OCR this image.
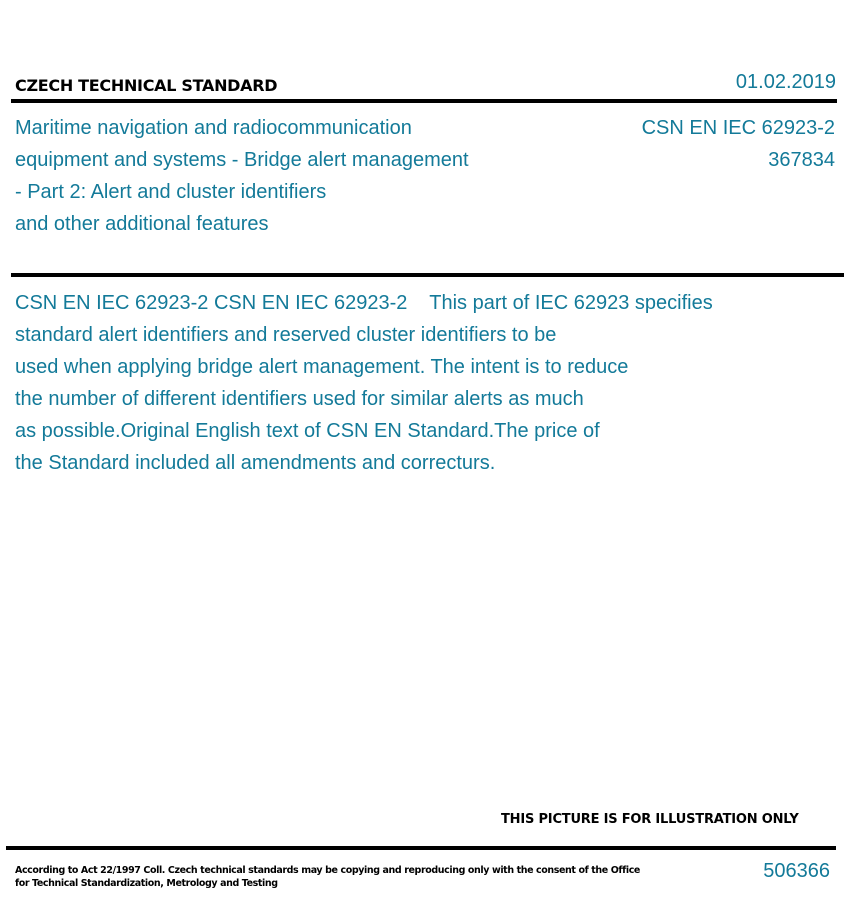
CZECH TECHNICAL STANDARD	01.02.2019
Maritime navigation and radiocommunication
equipment and systems - Bridge alert management
- Part 2: Alert and cluster identifiers
and other additional features
CSN EN IEC 62923-2
367834
CSN EN IEC 62923-2 CSN EN IEC 62923-2    This part of IEC 62923 specifies
standard alert identifiers and reserved cluster identifiers to be
used when applying bridge alert management. The intent is to reduce
the number of different identifiers used for similar alerts as much
as possible.Original English text of CSN EN Standard.The price of
the Standard included all amendments and correcturs.
THIS PICTURE IS FOR ILLUSTRATION ONLY
According to Act 22/1997 Coll. Czech technical standards may be copying and reproducing only with the consent of the Office
for Technical Standardization, Metrology and Testing
506366
